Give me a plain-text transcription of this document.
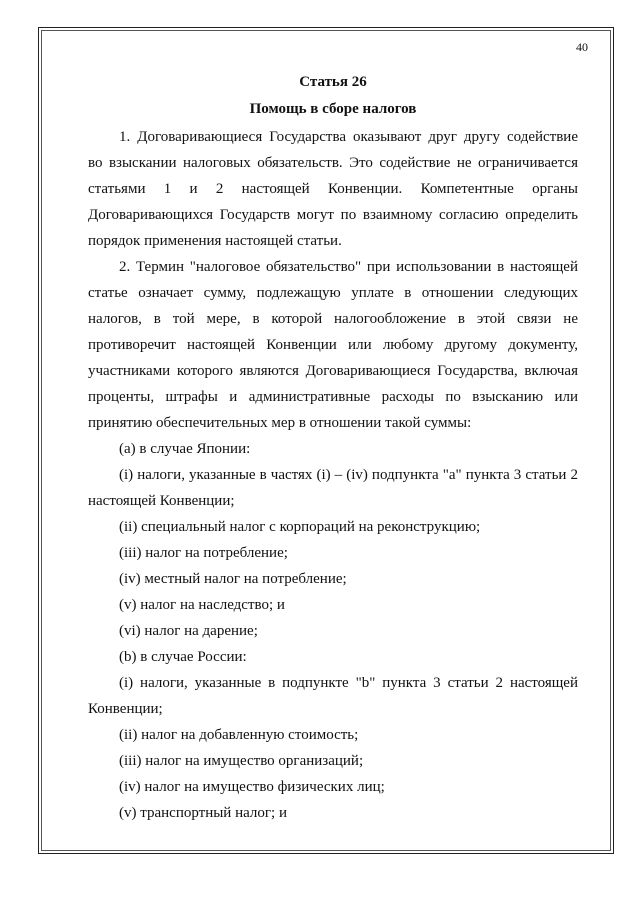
40
Статья 26
Помощь в сборе налогов
1. Договаривающиеся Государства оказывают друг другу содействие
во взыскании налоговых обязательств. Это содействие не ограничивается
статьями 1 и 2 настоящей Конвенции. Компетентные органы
Договаривающихся Государств могут по взаимному согласию определить
порядок применения настоящей статьи.
2. Термин "налоговое обязательство" при использовании в настоящей
статье означает сумму, подлежащую уплате в отношении следующих
налогов, в той мере, в которой налогообложение в этой связи не
противоречит настоящей Конвенции или любому другому документу,
участниками которого являются Договаривающиеся Государства, включая
проценты, штрафы и административные расходы по взысканию или
принятию обеспечительных мер в отношении такой суммы:
(a) в случае Японии:
(i) налоги, указанные в частях (i) – (iv) подпункта "a" пункта 3 статьи 2
настоящей Конвенции;
(ii) специальный налог с корпораций на реконструкцию;
(iii) налог на потребление;
(iv) местный налог на потребление;
(v) налог на наследство; и
(vi) налог на дарение;
(b) в случае России:
(i) налоги, указанные в подпункте "b" пункта 3 статьи 2 настоящей
Конвенции;
(ii) налог на добавленную стоимость;
(iii) налог на имущество организаций;
(iv) налог на имущество физических лиц;
(v) транспортный налог; и
